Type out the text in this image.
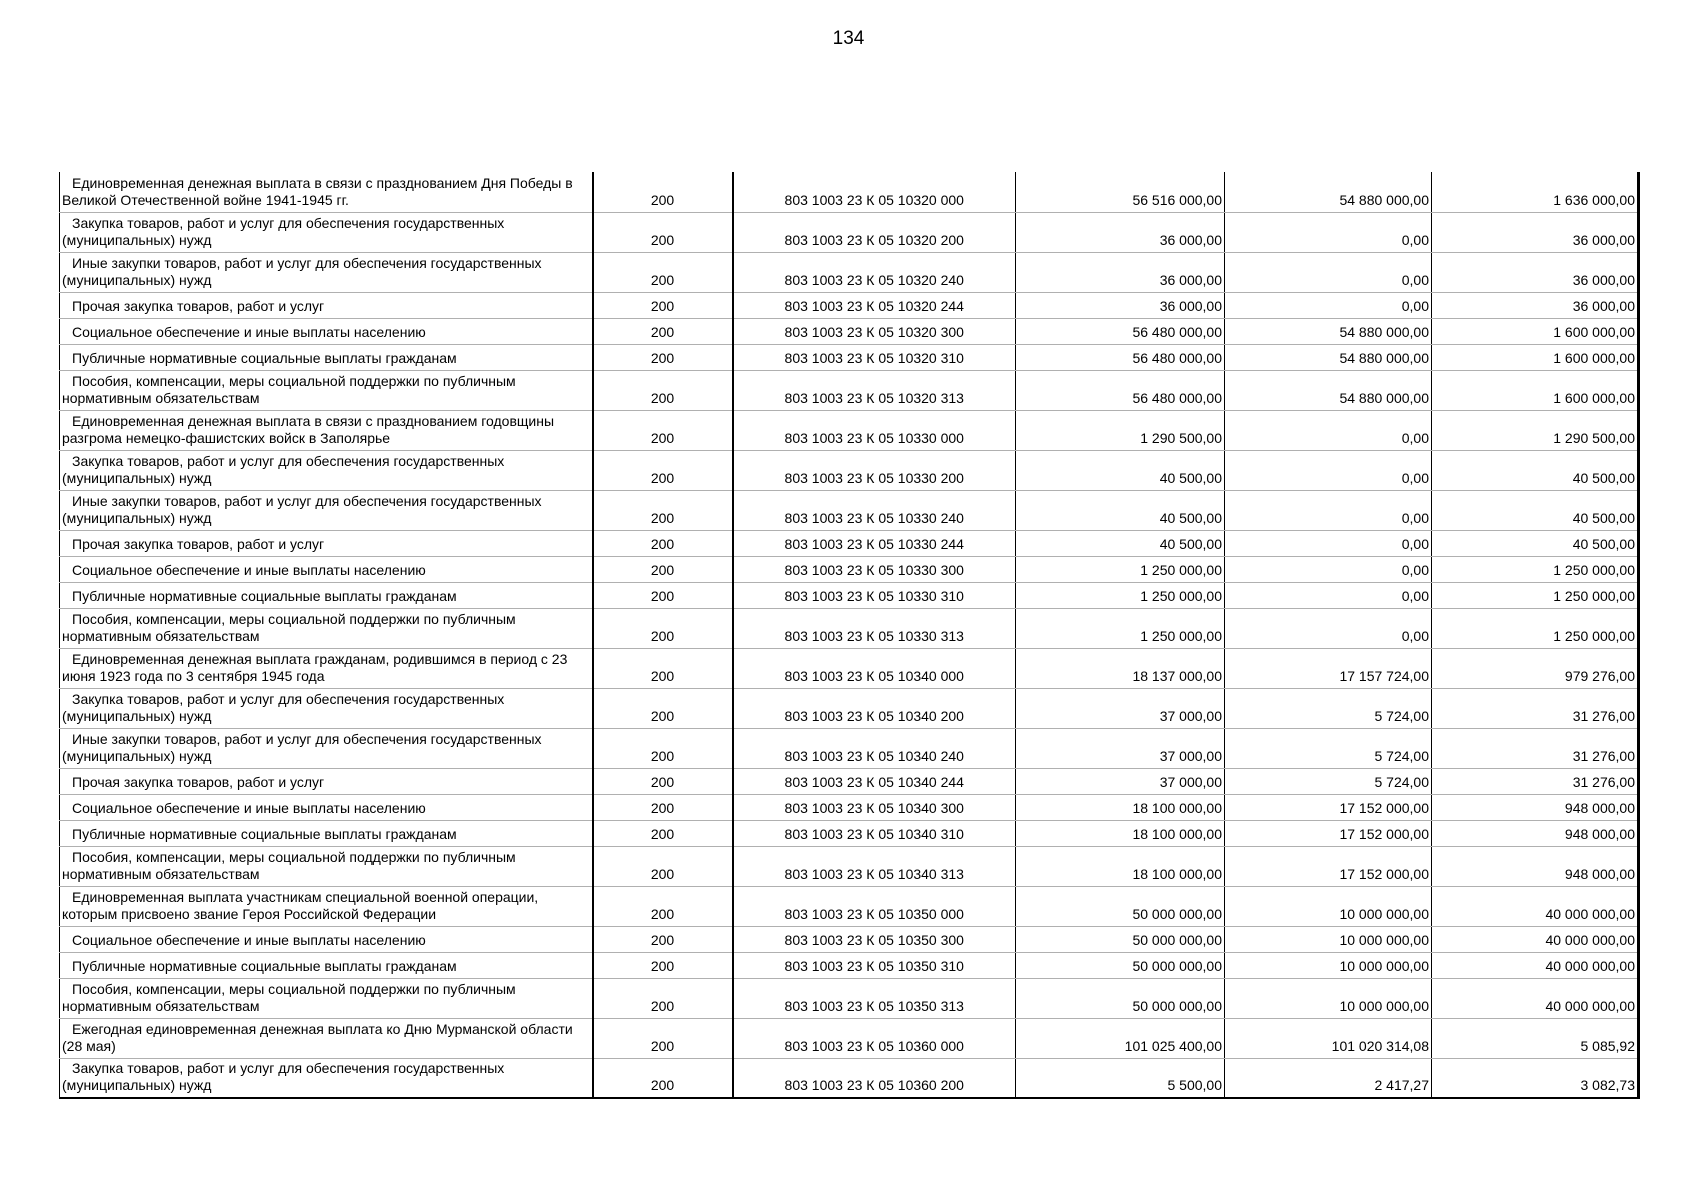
134
Единовременная денежная выплата в связи с празднованием Дня Победы в Великой Отечественной войне 1941-1945 гг.	200	803 1003 23 К 05 10320 000	56 516 000,00	54 880 000,00	1 636 000,00

Закупка товаров, работ и услуг для обеспечения государственных (муниципальных) нужд	200	803 1003 23 К 05 10320 200	36 000,00	0,00	36 000,00

Иные закупки товаров, работ и услуг для обеспечения государственных (муниципальных) нужд	200	803 1003 23 К 05 10320 240	36 000,00	0,00	36 000,00

Прочая закупка товаров, работ и услуг	200	803 1003 23 К 05 10320 244	36 000,00	0,00	36 000,00

Социальное обеспечение и иные выплаты населению	200	803 1003 23 К 05 10320 300	56 480 000,00	54 880 000,00	1 600 000,00

Публичные нормативные социальные выплаты гражданам	200	803 1003 23 К 05 10320 310	56 480 000,00	54 880 000,00	1 600 000,00

Пособия, компенсации, меры социальной поддержки по публичным нормативным обязательствам	200	803 1003 23 К 05 10320 313	56 480 000,00	54 880 000,00	1 600 000,00

Единовременная денежная выплата в связи с празднованием годовщины разгрома немецко-фашистских войск в Заполярье	200	803 1003 23 К 05 10330 000	1 290 500,00	0,00	1 290 500,00

Закупка товаров, работ и услуг для обеспечения государственных (муниципальных) нужд	200	803 1003 23 К 05 10330 200	40 500,00	0,00	40 500,00

Иные закупки товаров, работ и услуг для обеспечения государственных (муниципальных) нужд	200	803 1003 23 К 05 10330 240	40 500,00	0,00	40 500,00

Прочая закупка товаров, работ и услуг	200	803 1003 23 К 05 10330 244	40 500,00	0,00	40 500,00

Социальное обеспечение и иные выплаты населению	200	803 1003 23 К 05 10330 300	1 250 000,00	0,00	1 250 000,00

Публичные нормативные социальные выплаты гражданам	200	803 1003 23 К 05 10330 310	1 250 000,00	0,00	1 250 000,00

Пособия, компенсации, меры социальной поддержки по публичным нормативным обязательствам	200	803 1003 23 К 05 10330 313	1 250 000,00	0,00	1 250 000,00

Единовременная денежная выплата гражданам, родившимся в период с 23 июня 1923 года по 3 сентября 1945 года	200	803 1003 23 К 05 10340 000	18 137 000,00	17 157 724,00	979 276,00

Закупка товаров, работ и услуг для обеспечения государственных (муниципальных) нужд	200	803 1003 23 К 05 10340 200	37 000,00	5 724,00	31 276,00

Иные закупки товаров, работ и услуг для обеспечения государственных (муниципальных) нужд	200	803 1003 23 К 05 10340 240	37 000,00	5 724,00	31 276,00

Прочая закупка товаров, работ и услуг	200	803 1003 23 К 05 10340 244	37 000,00	5 724,00	31 276,00

Социальное обеспечение и иные выплаты населению	200	803 1003 23 К 05 10340 300	18 100 000,00	17 152 000,00	948 000,00

Публичные нормативные социальные выплаты гражданам	200	803 1003 23 К 05 10340 310	18 100 000,00	17 152 000,00	948 000,00

Пособия, компенсации, меры социальной поддержки по публичным нормативным обязательствам	200	803 1003 23 К 05 10340 313	18 100 000,00	17 152 000,00	948 000,00

Единовременная выплата участникам специальной военной операции, которым присвоено звание Героя Российской Федерации	200	803 1003 23 К 05 10350 000	50 000 000,00	10 000 000,00	40 000 000,00

Социальное обеспечение и иные выплаты населению	200	803 1003 23 К 05 10350 300	50 000 000,00	10 000 000,00	40 000 000,00

Публичные нормативные социальные выплаты гражданам	200	803 1003 23 К 05 10350 310	50 000 000,00	10 000 000,00	40 000 000,00

Пособия, компенсации, меры социальной поддержки по публичным нормативным обязательствам	200	803 1003 23 К 05 10350 313	50 000 000,00	10 000 000,00	40 000 000,00

Ежегодная единовременная денежная выплата ко Дню Мурманской области (28 мая)	200	803 1003 23 К 05 10360 000	101 025 400,00	101 020 314,08	5 085,92

Закупка товаров, работ и услуг для обеспечения государственных (муниципальных) нужд	200	803 1003 23 К 05 10360 200	5 500,00	2 417,27	3 082,73
